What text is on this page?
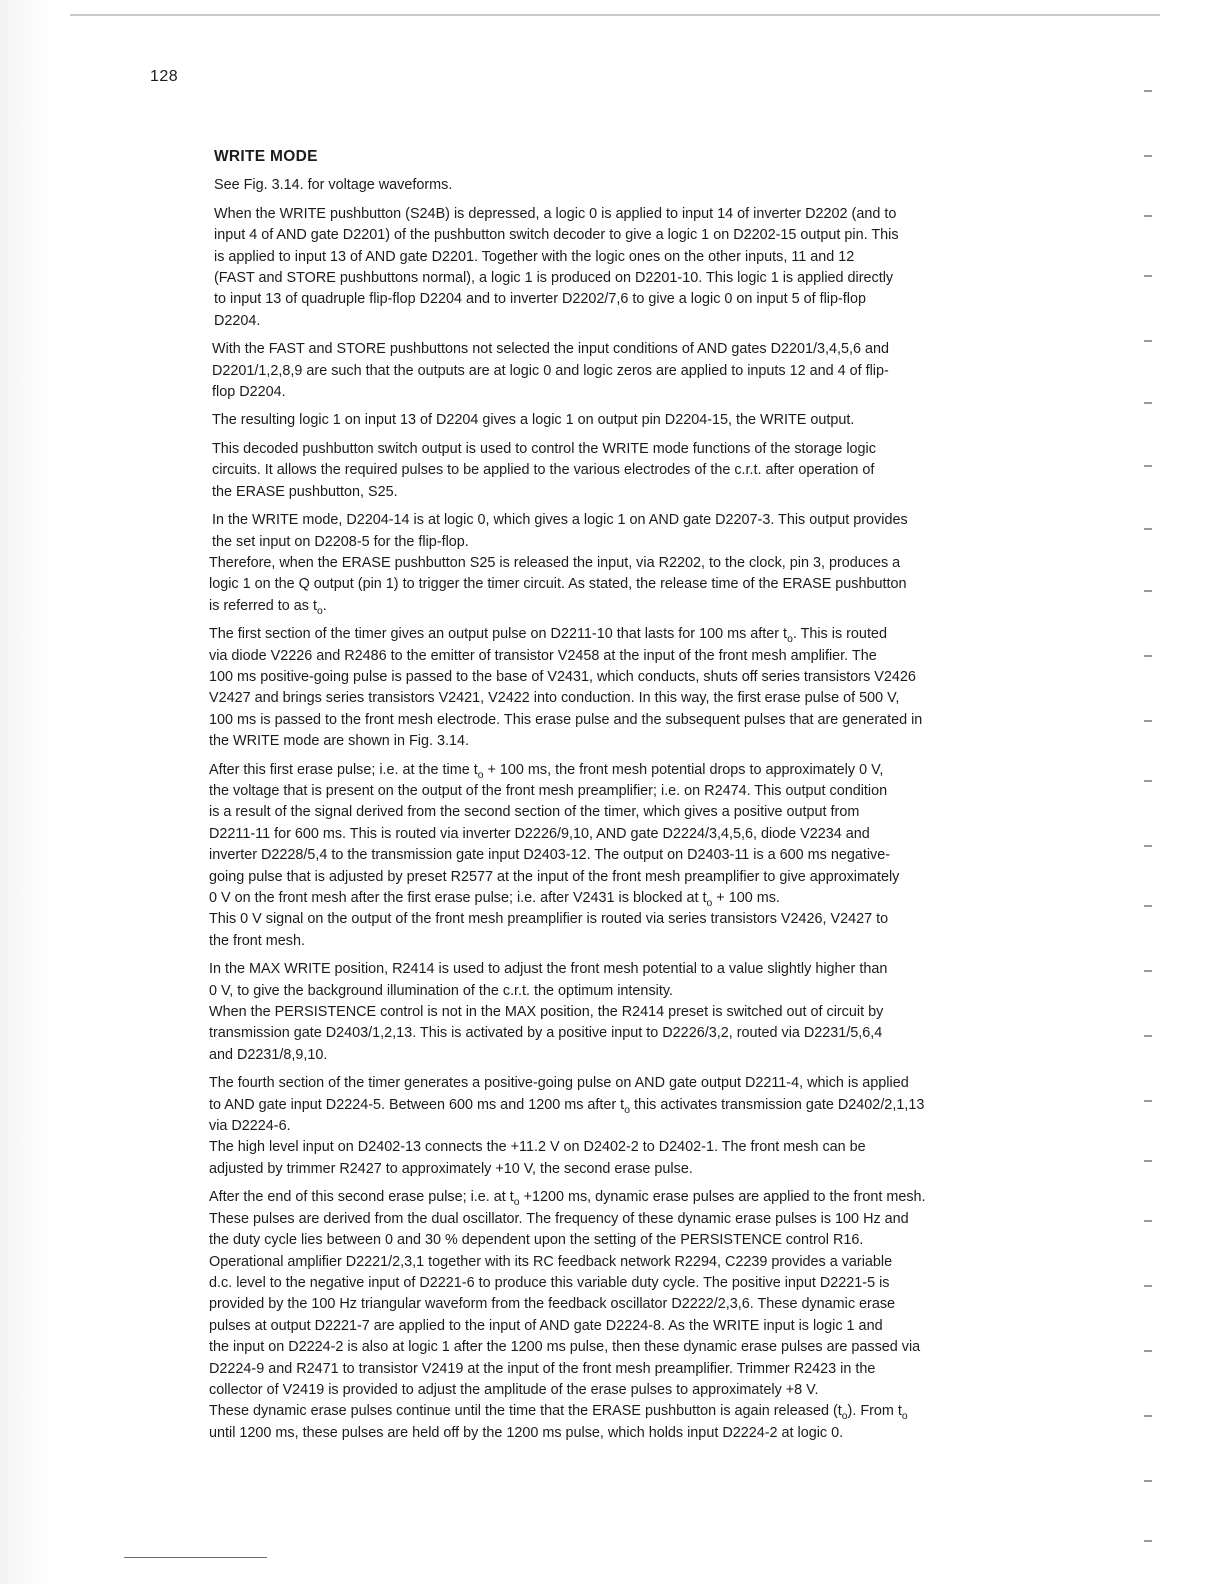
128
WRITE MODE
See Fig. 3.14. for voltage waveforms.
When the WRITE pushbutton (S24B) is depressed, a logic 0 is applied to input 14 of inverter D2202 (and to
input 4 of AND gate D2201) of the pushbutton switch decoder to give a logic 1 on D2202-15 output pin. This
is applied to input 13 of AND gate D2201. Together with the logic ones on the other inputs, 11 and 12
(FAST and STORE pushbuttons normal), a logic 1 is produced on D2201-10. This logic 1 is applied directly
to input 13 of quadruple flip-flop D2204 and to inverter D2202/7,6 to give a logic 0 on input 5 of flip-flop
D2204.
With the FAST and STORE pushbuttons not selected the input conditions of AND gates D2201/3,4,5,6 and
D2201/1,2,8,9 are such that the outputs are at logic 0 and logic zeros are applied to inputs 12 and 4 of flip-
flop D2204.
The resulting logic 1 on input 13 of D2204 gives a logic 1 on output pin D2204-15, the WRITE output.
This decoded pushbutton switch output is used to control the WRITE mode functions of the storage logic
circuits. It allows the required pulses to be applied to the various electrodes of the c.r.t. after operation of
the ERASE pushbutton, S25.
In the WRITE mode, D2204-14 is at logic 0, which gives a logic 1 on AND gate D2207-3. This output provides
the set input on D2208-5 for the flip-flop.
Therefore, when the ERASE pushbutton S25 is released the input, via R2202, to the clock, pin 3, produces a
logic 1 on the Q output (pin 1) to trigger the timer circuit. As stated, the release time of the ERASE pushbutton
is referred to as $t_o$.
The first section of the timer gives an output pulse on D2211-10 that lasts for 100 ms after $t_o$. This is routed
via diode V2226 and R2486 to the emitter of transistor V2458 at the input of the front mesh amplifier. The
100 ms positive-going pulse is passed to the base of V2431, which conducts, shuts off series transistors V2426
V2427 and brings series transistors V2421, V2422 into conduction. In this way, the first erase pulse of 500 V,
100 ms is passed to the front mesh electrode. This erase pulse and the subsequent pulses that are generated in
the WRITE mode are shown in Fig. 3.14.
After this first erase pulse; i.e. at the time $t_o + 100$ ms, the front mesh potential drops to approximately 0 V,
the voltage that is present on the output of the front mesh preamplifier; i.e. on R2474. This output condition
is a result of the signal derived from the second section of the timer, which gives a positive output from
D2211-11 for 600 ms. This is routed via inverter D2226/9,10, AND gate D2224/3,4,5,6, diode V2234 and
inverter D2228/5,4 to the transmission gate input D2403-12. The output on D2403-11 is a 600 ms negative-
going pulse that is adjusted by preset R2577 at the input of the front mesh preamplifier to give approximately
0 V on the front mesh after the first erase pulse; i.e. after V2431 is blocked at $t_o + 100$ ms.
This 0 V signal on the output of the front mesh preamplifier is routed via series transistors V2426, V2427 to
the front mesh.
In the MAX WRITE position, R2414 is used to adjust the front mesh potential to a value slightly higher than
0 V, to give the background illumination of the c.r.t. the optimum intensity.
When the PERSISTENCE control is not in the MAX position, the R2414 preset is switched out of circuit by
transmission gate D2403/1,2,13. This is activated by a positive input to D2226/3,2, routed via D2231/5,6,4
and D2231/8,9,10.
The fourth section of the timer generates a positive-going pulse on AND gate output D2211-4, which is applied
to AND gate input D2224-5. Between 600 ms and 1200 ms after $t_o$ this activates transmission gate D2402/2,1,13
via D2224-6.
The high level input on D2402-13 connects the +11.2 V on D2402-2 to D2402-1. The front mesh can be
adjusted by trimmer R2427 to approximately +10 V, the second erase pulse.
After the end of this second erase pulse; i.e. at $t_o +1200$ ms, dynamic erase pulses are applied to the front mesh.
These pulses are derived from the dual oscillator. The frequency of these dynamic erase pulses is 100 Hz and
the duty cycle lies between 0 and 30 % dependent upon the setting of the PERSISTENCE control R16.
Operational amplifier D2221/2,3,1 together with its RC feedback network R2294, C2239 provides a variable
d.c. level to the negative input of D2221-6 to produce this variable duty cycle. The positive input D2221-5 is
provided by the 100 Hz triangular waveform from the feedback oscillator D2222/2,3,6. These dynamic erase
pulses at output D2221-7 are applied to the input of AND gate D2224-8. As the WRITE input is logic 1 and
the input on D2224-2 is also at logic 1 after the 1200 ms pulse, then these dynamic erase pulses are passed via
D2224-9 and R2471 to transistor V2419 at the input of the front mesh preamplifier. Trimmer R2423 in the
collector of V2419 is provided to adjust the amplitude of the erase pulses to approximately +8 V.
These dynamic erase pulses continue until the time that the ERASE pushbutton is again released $(t_o)$. From $t_o$
until 1200 ms, these pulses are held off by the 1200 ms pulse, which holds input D2224-2 at logic 0.
